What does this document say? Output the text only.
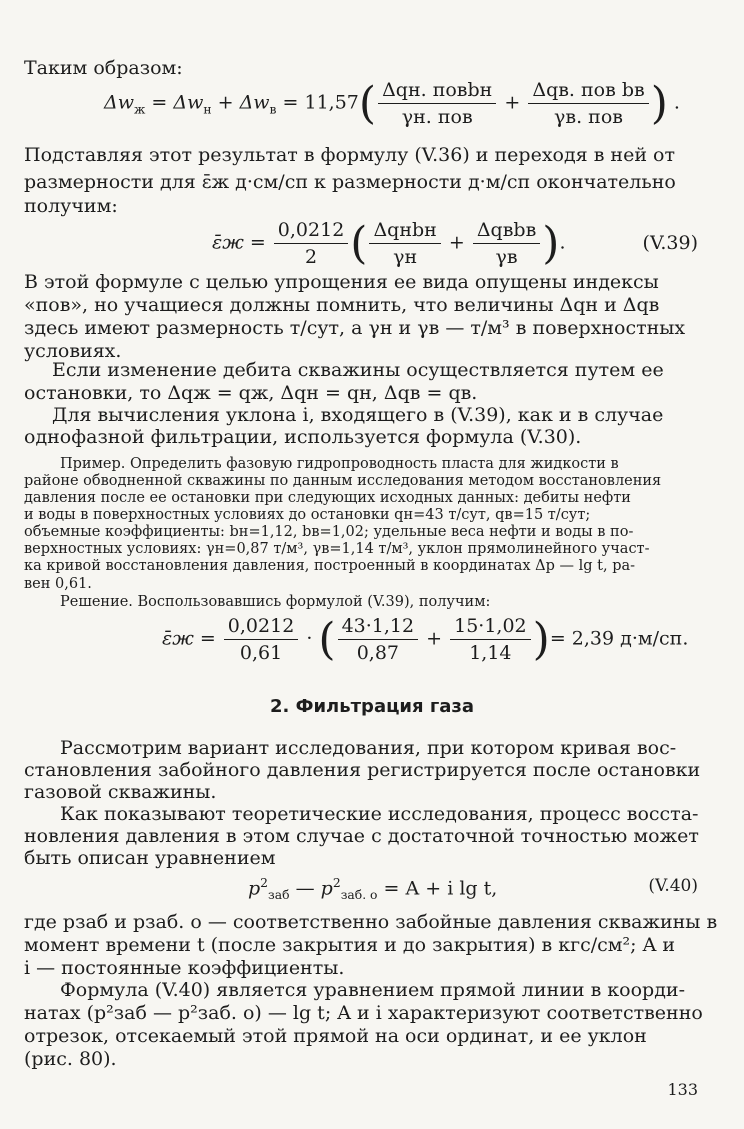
Таким образом:
$\Delta w_ж = \Delta w_н + \Delta w_в = 11,57( \frac{\text{Δqн. повbн}}{\text{γн. пов}} + \frac{\text{Δqв. пов bв}}{\text{γв. пов}}$ ) .
Подставляя этот результат в формулу (V.36) и переходя в ней от
размерности для ε̄ж д·см/сп к размерности д·м/сп окончательно
получим:
ε̄ж = $\frac{0,0212}{2}$ ( $\frac{\text{Δqнbн}}{\gamma н} + \frac{\text{Δqвbв}}{\gamma в}$ ).	(V.39)
В этой формуле с целью упрощения ее вида опущены индексы
«пов», но учащиеся должны помнить, что величины Δqн и Δqв
здесь имеют размерность т/сут, а γн и γв — т/м³ в поверхностных
условиях.
Если изменение дебита скважины осуществляется путем ее
остановки, то Δqж = qж, Δqн = qн, Δqв = qв.
Для вычисления уклона i, входящего в (V.39), как и в случае
однофазной фильтрации, используется формула (V.30).
Пример. Определить фазовую гидропроводность пласта для жидкости в
районе обводненной скважины по данным исследования методом восстановления
давления после ее остановки при следующих исходных данных: дебиты нефти
и воды в поверхностных условиях до остановки qн=43 т/сут, qв=15 т/сут;
объемные коэффициенты: bн=1,12, bв=1,02; удельные веса нефти и воды в по-
верхностных условиях: γн=0,87 т/м³, γв=1,14 т/м³, уклон прямолинейного участ-
ка кривой восстановления давления, построенный в координатах Δp — lg t, ра-
вен 0,61.
Решение. Воспользовавшись формулой (V.39), получим:
ε̄ж = $\frac{0,0212}{0,61}$ · ( $\frac{43\cdot 1,12}{0,87} + \frac{15\cdot 1,02}{1,14}$ )= 2,39 д·м/сп.
2. Фильтрация газа
Рассмотрим вариант исследования, при котором кривая вос-
становления забойного давления регистрируется после остановки
газовой скважины.
Как показывают теоретические исследования, процесс восста-
новления давления в этом случае с достаточной точностью может
быть описан уравнением
$p^2_{заб}$ — $p^2_{заб. о} = A + i$ lg t,	(V.40)
где pзаб и pзаб. о — соответственно забойные давления скважины в
момент времени t (после закрытия и до закрытия) в кгс/см²; A и
i — постоянные коэффициенты.
Формула (V.40) является уравнением прямой линии в коорди-
натах (p²заб — p²заб. о) — lg t; A и i характеризуют соответственно
отрезок, отсекаемый этой прямой на оси ординат, и ее уклон
(рис. 80).
133
